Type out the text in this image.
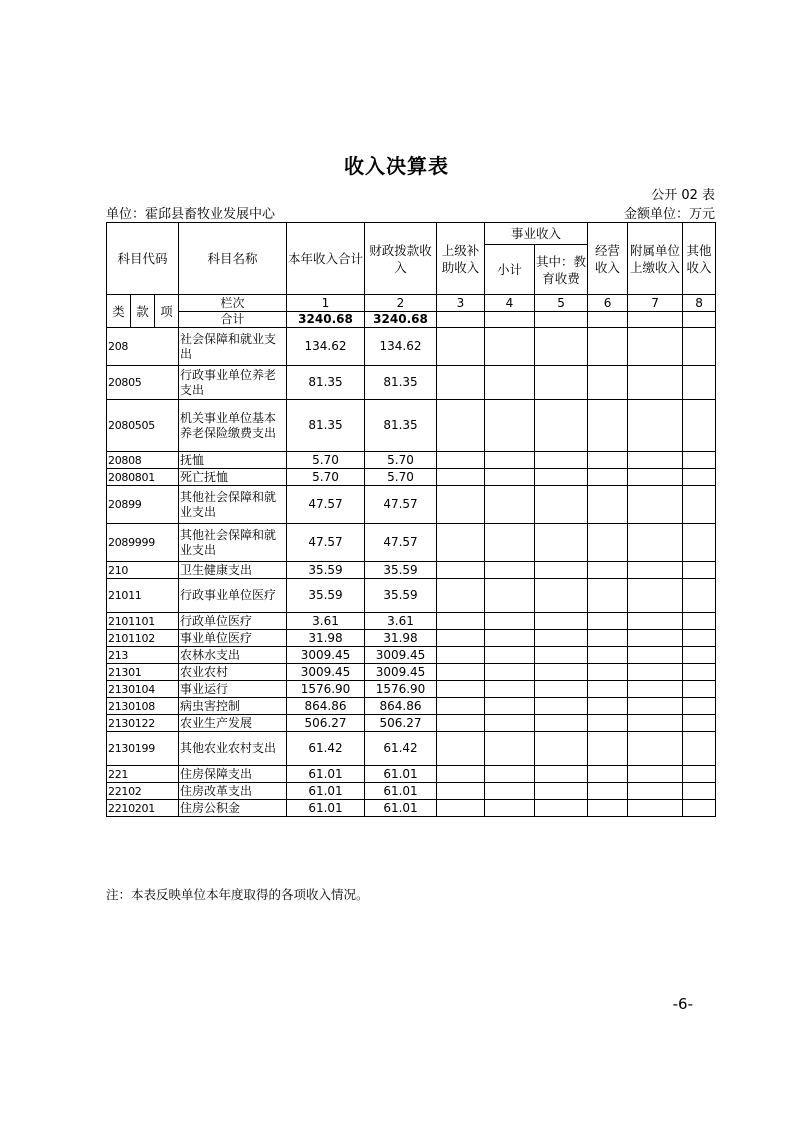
收入决算表
公开 02 表
单位：霍邱县畜牧业发展中心	金额单位：万元
科目代码			科目名称	本年收入合计	财政拨款收入	上级补助收入	事业收入		经营收入	附属单位上缴收入	其他收入
							小计	其中：教育收费			
类	款	项	栏次	1	2	3	4	5	6	7	8
			合计	3240.68	3240.68						
208			社会保障和就业支出	134.62	134.62						
20805			行政事业单位养老支出	81.35	81.35						
2080505			机关事业单位基本养老保险缴费支出	81.35	81.35						
20808			抚恤	5.70	5.70						
2080801			死亡抚恤	5.70	5.70						
20899			其他社会保障和就业支出	47.57	47.57						
2089999			其他社会保障和就业支出	47.57	47.57						
210			卫生健康支出	35.59	35.59						
21011			行政事业单位医疗	35.59	35.59						
2101101			行政单位医疗	3.61	3.61						
2101102			事业单位医疗	31.98	31.98						
213			农林水支出	3009.45	3009.45						
21301			农业农村	3009.45	3009.45						
2130104			事业运行	1576.90	1576.90						
2130108			病虫害控制	864.86	864.86						
2130122			农业生产发展	506.27	506.27						
2130199			其他农业农村支出	61.42	61.42						
221			住房保障支出	61.01	61.01						
22102			住房改革支出	61.01	61.01						
2210201			住房公积金	61.01	61.01						
注：本表反映单位本年度取得的各项收入情况。
-6-
